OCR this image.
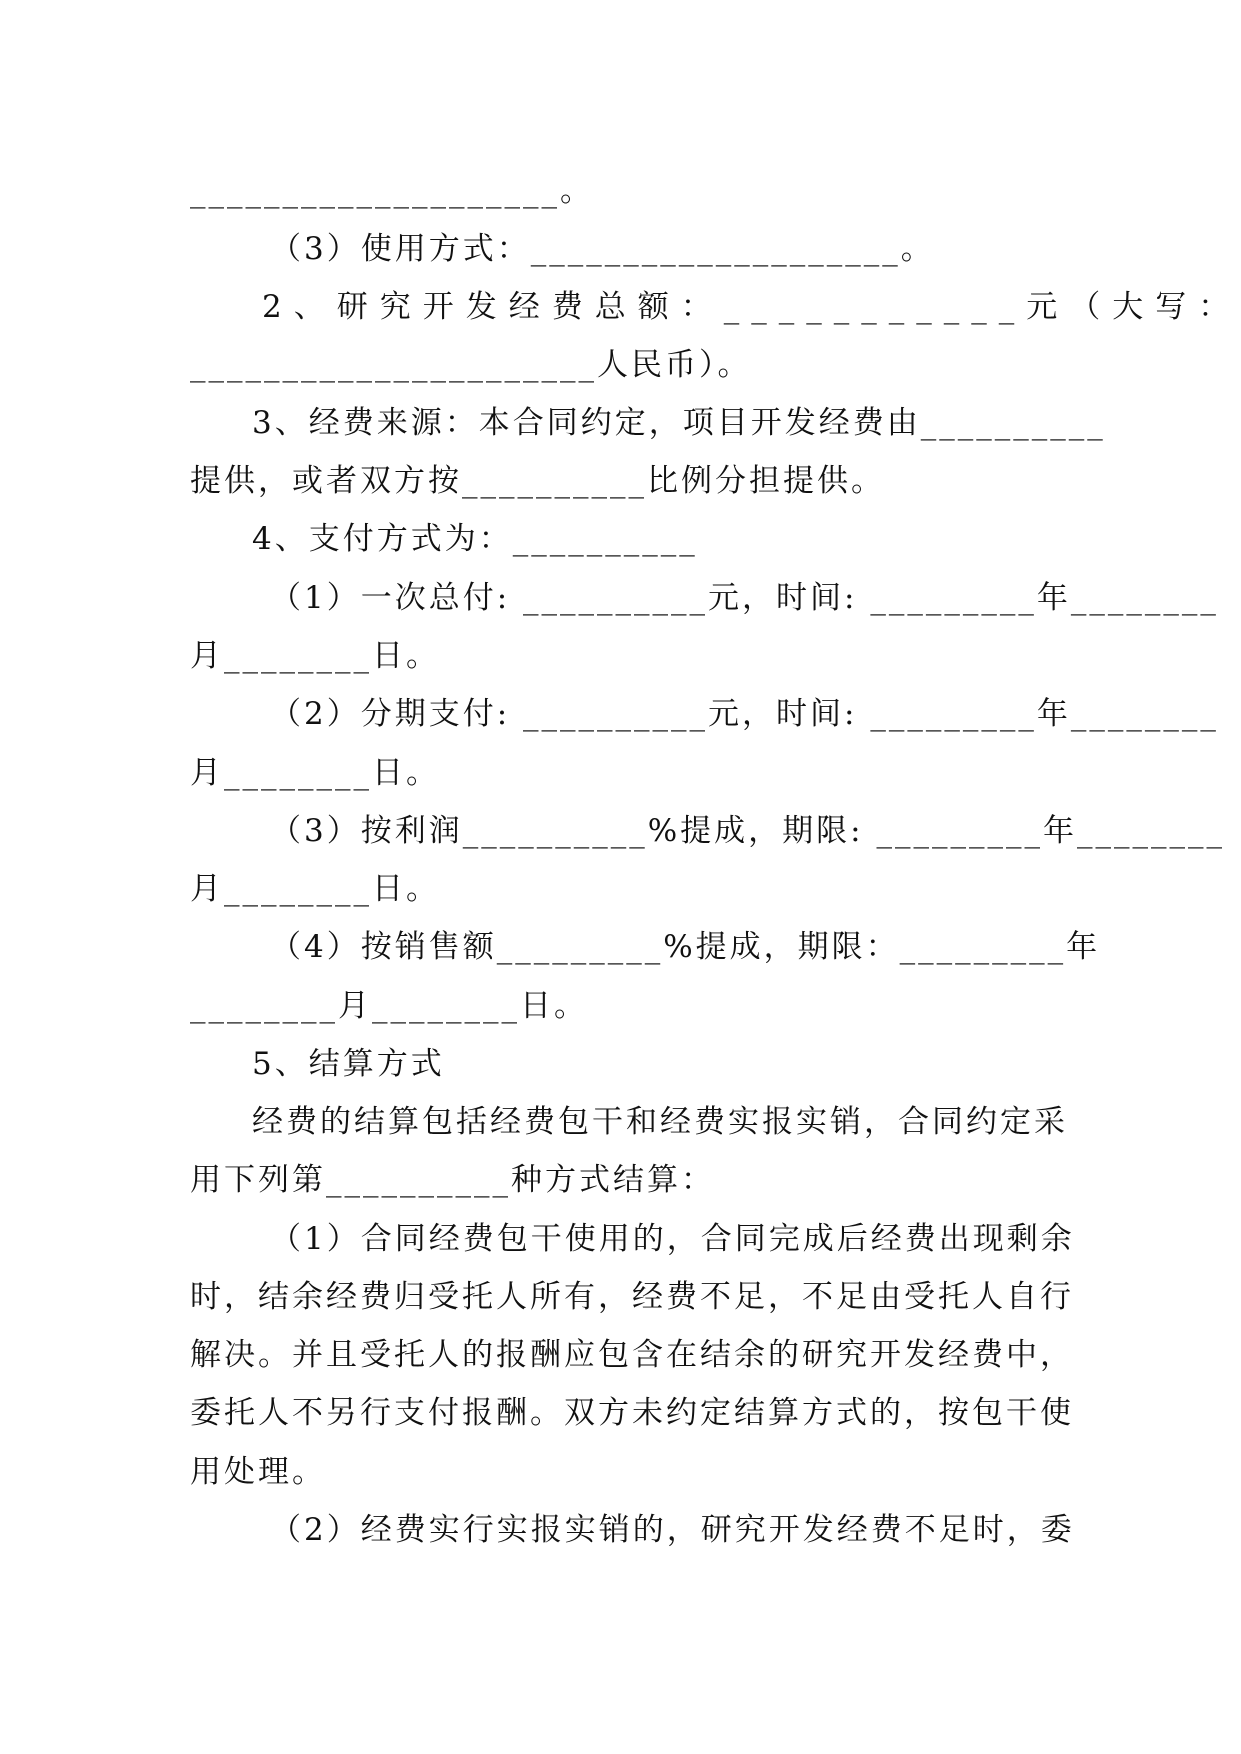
____________________。
（3）使用方式：____________________。
2、研究开发经费总额：___________元（大写：
______________________人民币）。
3、经费来源：本合同约定，项目开发经费由__________
提供，或者双方按__________比例分担提供。
4、支付方式为：__________
（1）一次总付: __________元，时间: _________年________
月________日。
（2）分期支付: __________元，时间: _________年________
月________日。
（3）按利润__________%提成，期限: _________年________
月________日。
（4）按销售额_________%提成，期限：_________年
________月________日。
5、结算方式
经费的结算包括经费包干和经费实报实销，合同约定采
用下列第__________种方式结算：
（1）合同经费包干使用的，合同完成后经费出现剩余
时，结余经费归受托人所有，经费不足，不足由受托人自行
解决。并且受托人的报酬应包含在结余的研究开发经费中，
委托人不另行支付报酬。双方未约定结算方式的，按包干使
用处理。
（2）经费实行实报实销的，研究开发经费不足时，委
